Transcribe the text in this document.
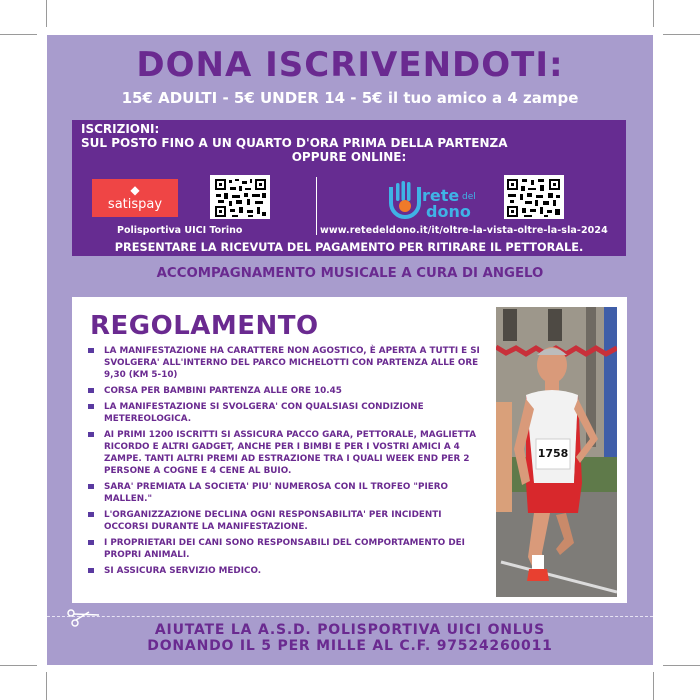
DONA ISCRIVENDOTI:
15€ ADULTI - 5€ UNDER 14 - 5€ il tuo amico a 4 zampe
ISCRIZIONI:
SUL POSTO FINO A UN QUARTO D'ORA PRIMA DELLA PARTENZA
OPPURE ONLINE:
◆
satispay
Polisportiva UICI Torino
rete del
dono
www.retedeldono.it/it/oltre-la-vista-oltre-la-sla-2024
PRESENTARE LA RICEVUTA DEL PAGAMENTO PER RITIRARE IL PETTORALE.
ACCOMPAGNAMENTO MUSICALE A CURA DI ANGELO
REGOLAMENTO
LA MANIFESTAZIONE HA CARATTERE NON AGOSTICO, È APERTA A TUTTI E SI SVOLGERA' ALL'INTERNO DEL PARCO MICHELOTTI CON PARTENZA ALLE ORE 9,30 (KM 5-10)
CORSA PER BAMBINI PARTENZA ALLE ORE 10.45
LA MANIFESTAZIONE SI SVOLGERA' CON QUALSIASI CONDIZIONE METEREOLOGICA.
AI PRIMI 1200 ISCRITTI SI ASSICURA PACCO GARA, PETTORALE, MAGLIETTA RICORDO E ALTRI GADGET, ANCHE PER I BIMBI E PER I VOSTRI AMICI A 4 ZAMPE. TANTI ALTRI PREMI AD ESTRAZIONE TRA I QUALI WEEK END PER 2 PERSONE A COGNE E 4 CENE AL BUIO.
SARA' PREMIATA LA SOCIETA' PIU' NUMEROSA CON IL TROFEO "PIERO MALLEN."
L'ORGANIZZAZIONE DECLINA OGNI RESPONSABILITA' PER INCIDENTI OCCORSI DURANTE LA MANIFESTAZIONE.
I PROPRIETARI DEI CANI SONO RESPONSABILI DEL COMPORTAMENTO DEI PROPRI ANIMALI.
SI ASSICURA SERVIZIO MEDICO.
1758
AIUTATE LA A.S.D. POLISPORTIVA UICI ONLUS
DONANDO IL 5 PER MILLE AL C.F. 97524260011
